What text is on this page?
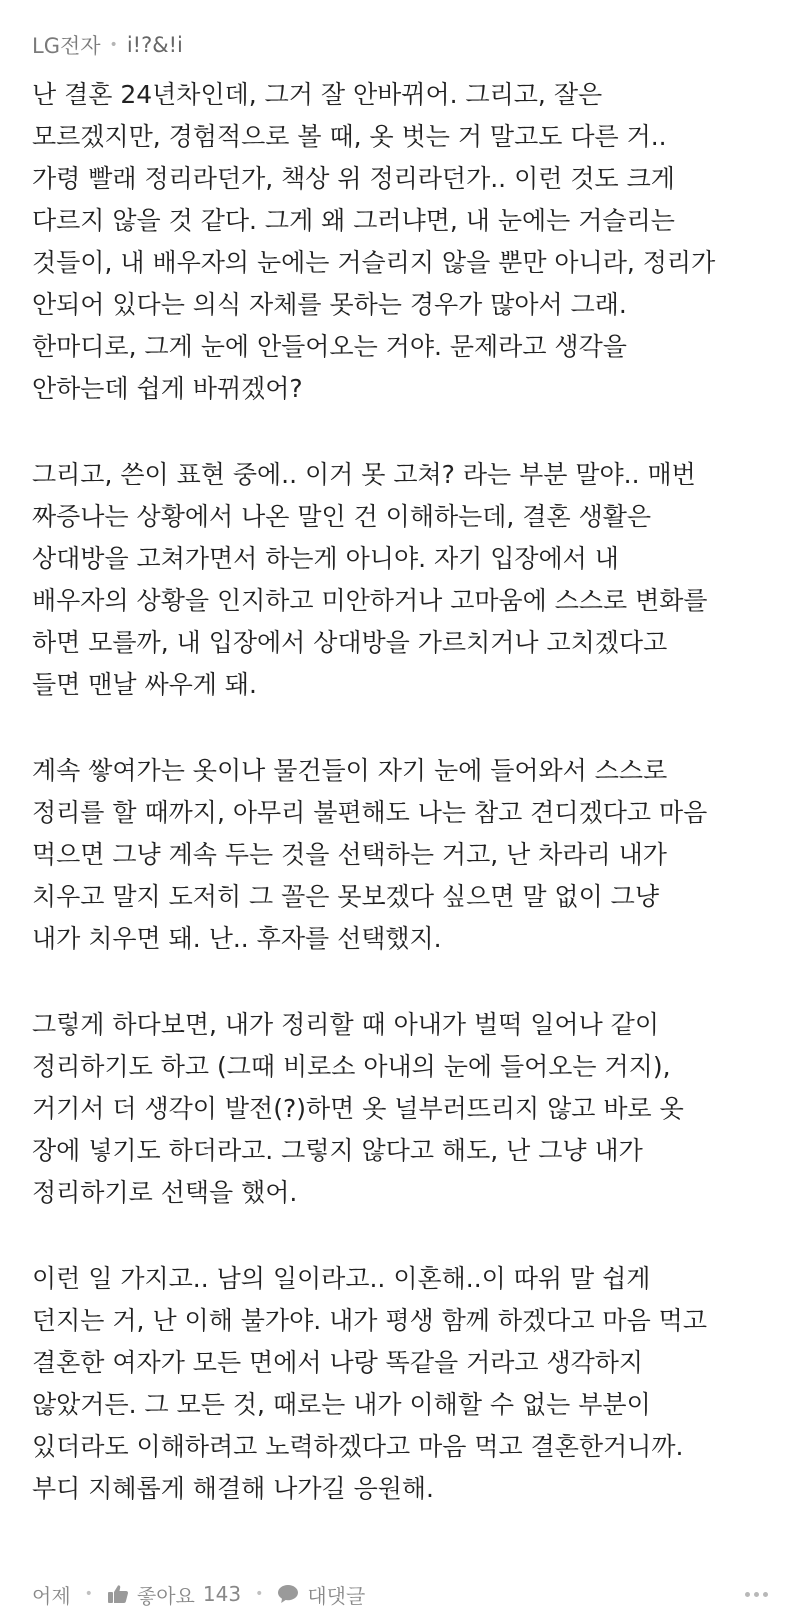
LG전자 • i!?&!i
난 결혼 24년차인데, 그거 잘 안바뀌어. 그리고, 잘은
모르겠지만, 경험적으로 볼 때, 옷 벗는 거 말고도 다른 거..
가령 빨래 정리라던가, 책상 위 정리라던가.. 이런 것도 크게
다르지 않을 것 같다. 그게 왜 그러냐면, 내 눈에는 거슬리는
것들이, 내 배우자의 눈에는 거슬리지 않을 뿐만 아니라, 정리가
안되어 있다는 의식 자체를 못하는 경우가 많아서 그래.
한마디로, 그게 눈에 안들어오는 거야. 문제라고 생각을
안하는데 쉽게 바뀌겠어?
그리고, 쓴이 표현 중에.. 이거 못 고쳐? 라는 부분 말야.. 매번
짜증나는 상황에서 나온 말인 건 이해하는데, 결혼 생활은
상대방을 고쳐가면서 하는게 아니야. 자기 입장에서 내
배우자의 상황을 인지하고 미안하거나 고마움에 스스로 변화를
하면 모를까, 내 입장에서 상대방을 가르치거나 고치겠다고
들면 맨날 싸우게 돼.
계속 쌓여가는 옷이나 물건들이 자기 눈에 들어와서 스스로
정리를 할 때까지, 아무리 불편해도 나는 참고 견디겠다고 마음
먹으면 그냥 계속 두는 것을 선택하는 거고, 난 차라리 내가
치우고 말지 도저히 그 꼴은 못보겠다 싶으면 말 없이 그냥
내가 치우면 돼. 난.. 후자를 선택했지.
그렇게 하다보면, 내가 정리할 때 아내가 벌떡 일어나 같이
정리하기도 하고 (그때 비로소 아내의 눈에 들어오는 거지),
거기서 더 생각이 발전(?)하면 옷 널부러뜨리지 않고 바로 옷
장에 넣기도 하더라고. 그렇지 않다고 해도, 난 그냥 내가
정리하기로 선택을 했어.
이런 일 가지고.. 남의 일이라고.. 이혼해..이 따위 말 쉽게
던지는 거, 난 이해 불가야. 내가 평생 함께 하겠다고 마음 먹고
결혼한 여자가 모든 면에서 나랑 똑같을 거라고 생각하지
않았거든. 그 모든 것, 때로는 내가 이해할 수 없는 부분이
있더라도 이해하려고 노력하겠다고 마음 먹고 결혼한거니까.
부디 지혜롭게 해결해 나가길 응원해.
어제 • 좋아요 143 • 대댓글
